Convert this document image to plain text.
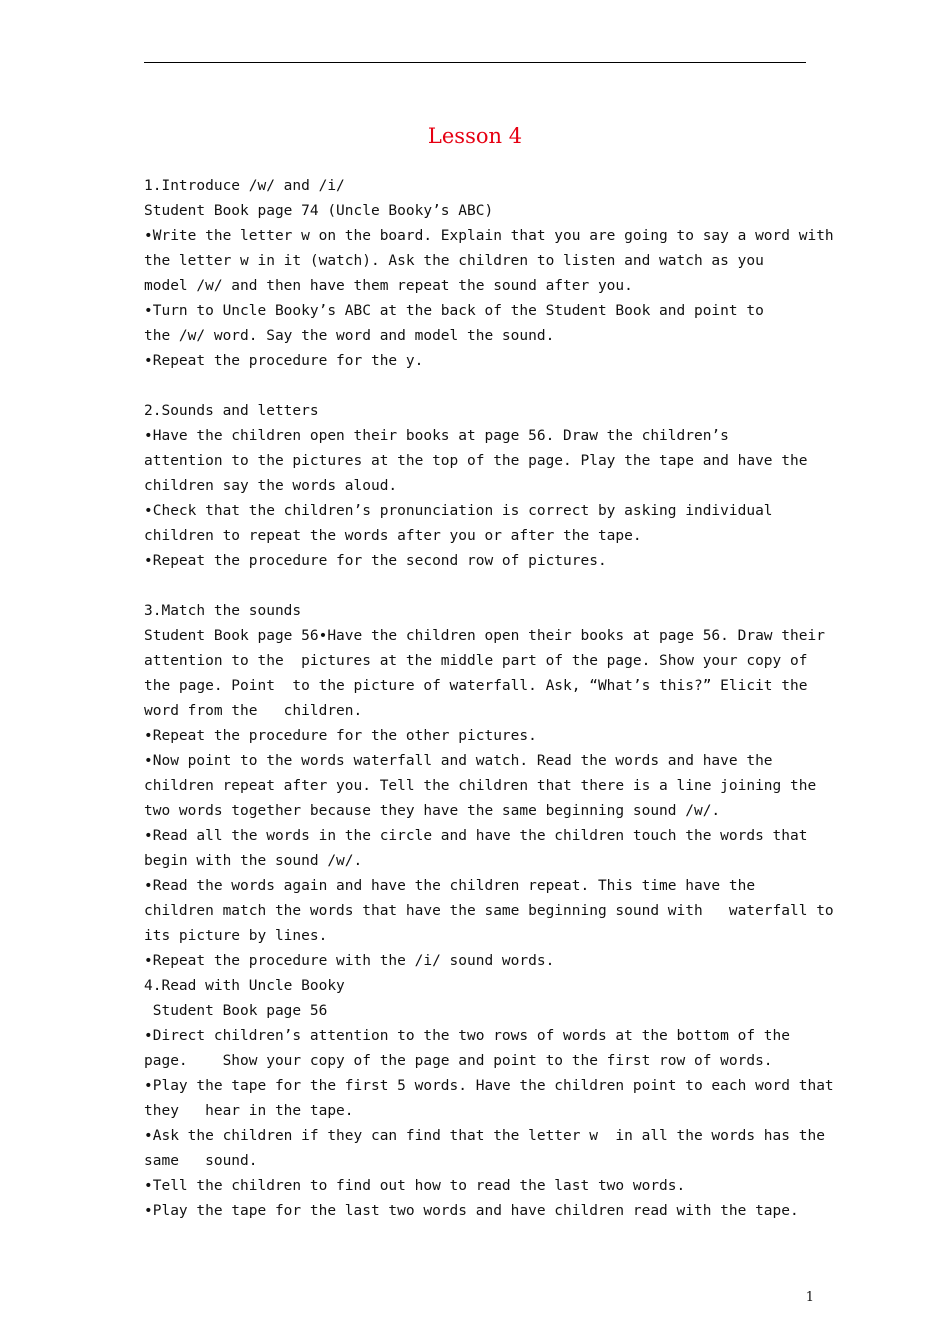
Lesson 4
1.Introduce /w/ and /i/
Student Book page 74 (Uncle Booky’s ABC)
•Write the letter w on the board. Explain that you are going to say a word with
the letter w in it (watch). Ask the children to listen and watch as you
model /w/ and then have them repeat the sound after you.
•Turn to Uncle Booky’s ABC at the back of the Student Book and point to
the /w/ word. Say the word and model the sound.
•Repeat the procedure for the y.
2.Sounds and letters
•Have the children open their books at page 56. Draw the children’s
attention to the pictures at the top of the page. Play the tape and have the
children say the words aloud.
•Check that the children’s pronunciation is correct by asking individual
children to repeat the words after you or after the tape.
•Repeat the procedure for the second row of pictures.
3.Match the sounds
Student Book page 56•Have the children open their books at page 56. Draw their
attention to the  pictures at the middle part of the page. Show your copy of
the page. Point  to the picture of waterfall. Ask, “What’s this?” Elicit the
word from the   children.
•Repeat the procedure for the other pictures.
•Now point to the words waterfall and watch. Read the words and have the
children repeat after you. Tell the children that there is a line joining the
two words together because they have the same beginning sound /w/.
•Read all the words in the circle and have the children touch the words that
begin with the sound /w/.
•Read the words again and have the children repeat. This time have the
children match the words that have the same beginning sound with   waterfall to
its picture by lines.
•Repeat the procedure with the /i/ sound words.
4.Read with Uncle Booky
Student Book page 56
•Direct children’s attention to the two rows of words at the bottom of the
page.    Show your copy of the page and point to the first row of words.
•Play the tape for the first 5 words. Have the children point to each word that
they   hear in the tape.
•Ask the children if they can find that the letter w  in all the words has the
same   sound.
•Tell the children to find out how to read the last two words.
•Play the tape for the last two words and have children read with the tape.
1
